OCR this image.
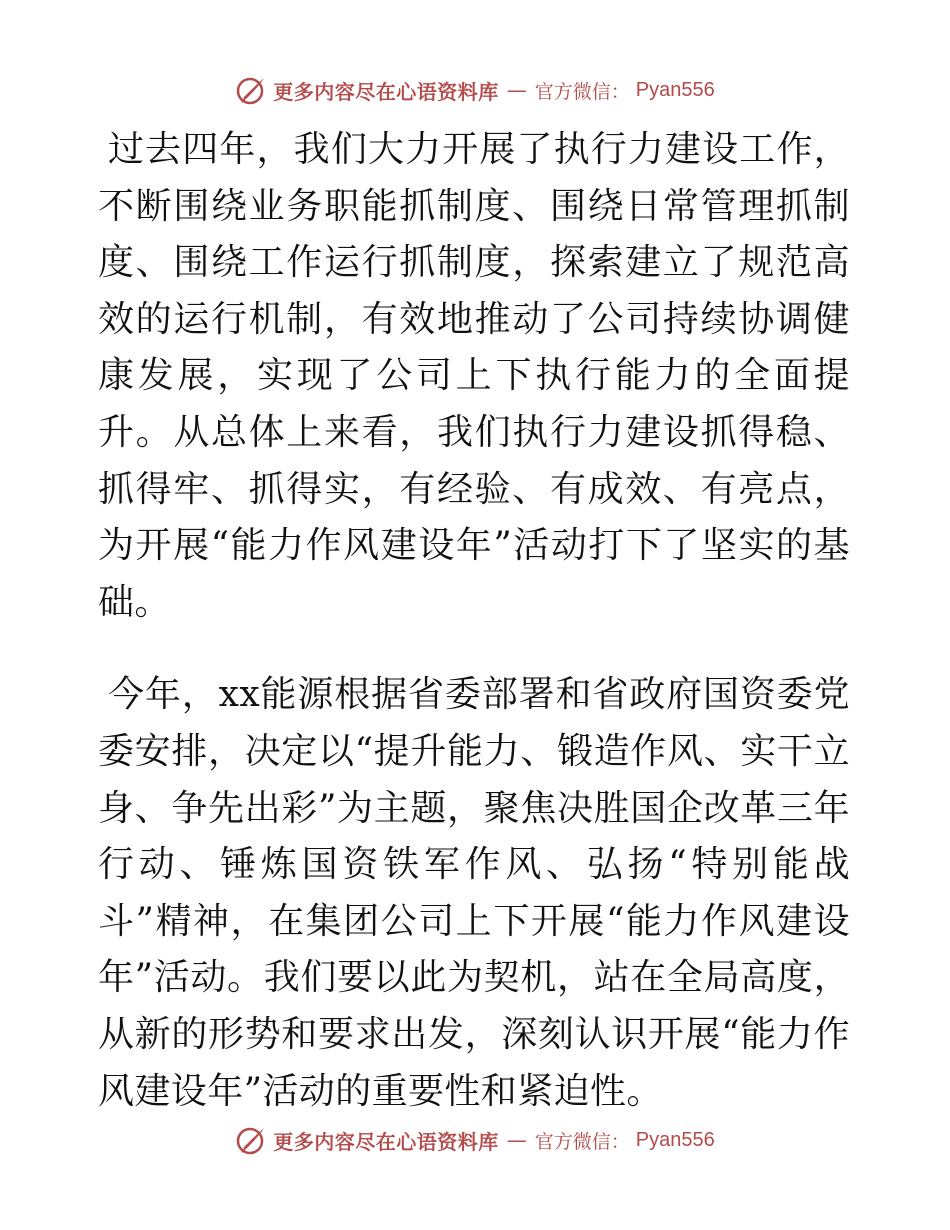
更多内容尽在心语资料库 — 官方微信： Pyan556

过去四年，我们大力开展了执行力建设工作，不断围绕业务职能抓制度、围绕日常管理抓制度、围绕工作运行抓制度，探索建立了规范高效的运行机制，有效地推动了公司持续协调健康发展，实现了公司上下执行能力的全面提升。从总体上来看，我们执行力建设抓得稳、抓得牢、抓得实，有经验、有成效、有亮点，为开展“能力作风建设年”活动打下了坚实的基础。

今年，xx能源根据省委部署和省政府国资委党委安排，决定以“提升能力、锻造作风、实干立身、争先出彩”为主题，聚焦决胜国企改革三年行动、锤炼国资铁军作风、弘扬“特别能战斗”精神，在集团公司上下开展“能力作风建设年”活动。我们要以此为契机，站在全局高度，从新的形势和要求出发，深刻认识开展“能力作风建设年”活动的重要性和紧迫性。

更多内容尽在心语资料库 — 官方微信： Pyan556
